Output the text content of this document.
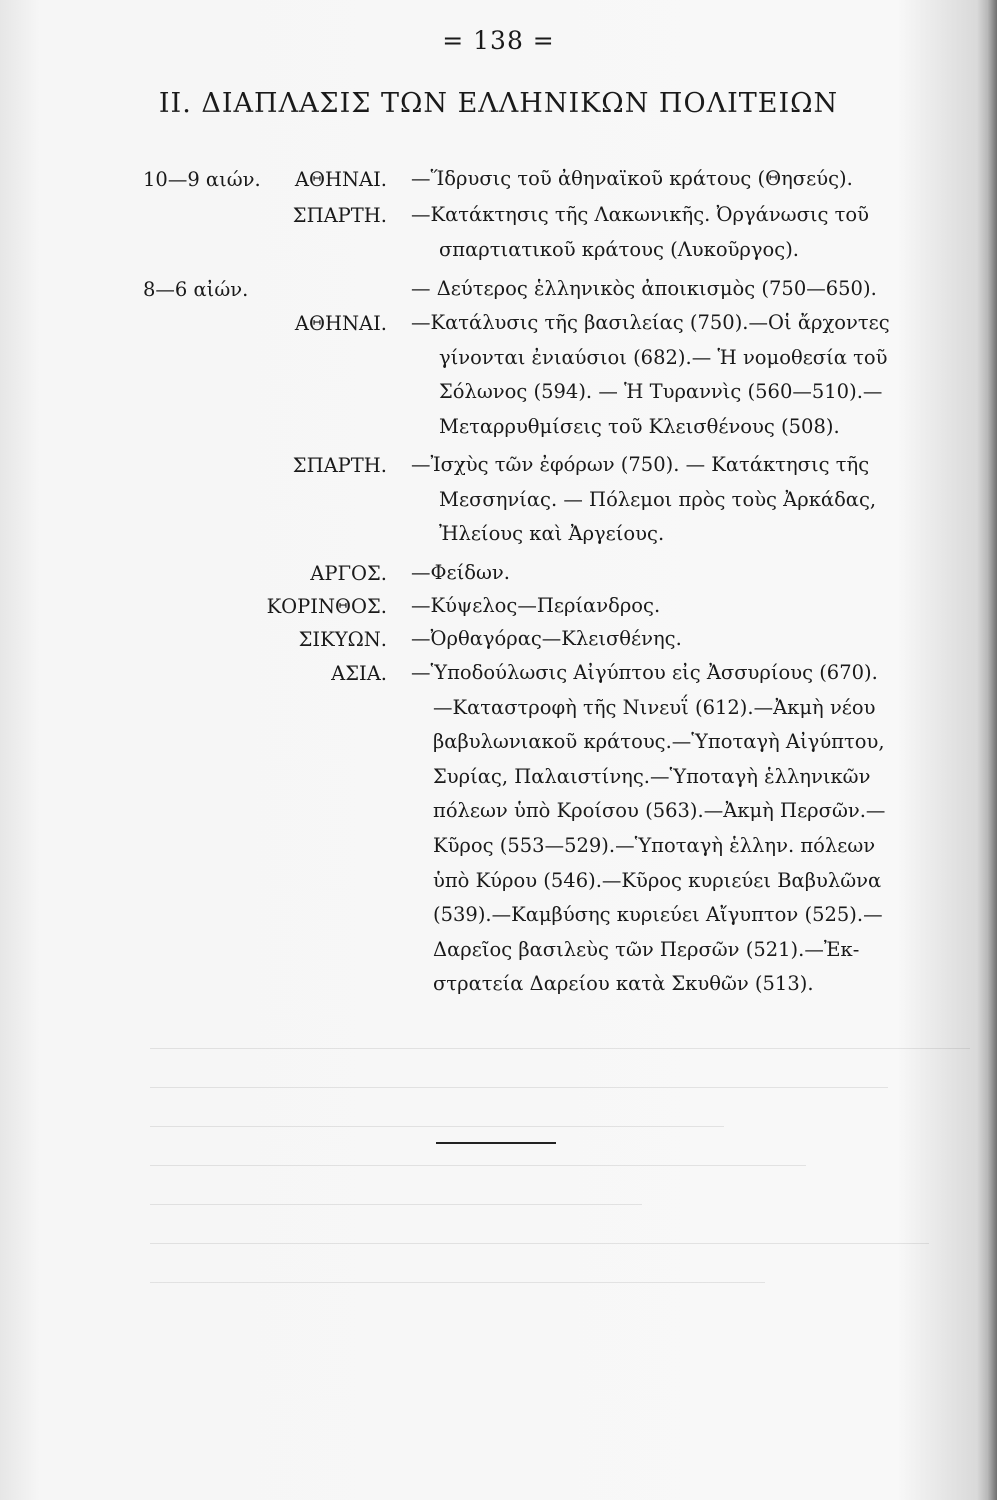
= 138 =
II. ΔΙΑΠΛΑΣΙΣ ΤΩΝ ΕΛΛΗΝΙΚΩΝ ΠΟΛΙΤΕΙΩΝ
10—9 αιών. ΑΘΗΝΑΙ. —Ἵδρυσις τοῦ ἀθηναϊκοῦ κράτους (Θησεύς).
ΣΠΑΡΤΗ. —Κατάκτησις τῆς Λακωνικῆς. Ὀργάνωσις τοῦ
σπαρτιατικοῦ κράτους (Λυκοῦργος).
8—6 αἰών.	— Δεύτερος ἑλληνικὸς ἀποικισμὸς (750—650).
ΑΘΗΝΑΙ. —Κατάλυσις τῆς βασιλείας (750).—Οἱ ἄρχοντες
γίνονται ἐνιαύσιοι (682).— Ἡ νομοθεσία τοῦ
Σόλωνος (594). — Ἡ Τυραννὶς (560—510).—
Μεταρρυθμίσεις τοῦ Κλεισθένους (508).
ΣΠΑΡΤΗ. —Ἰσχὺς τῶν ἐφόρων (750). — Κατάκτησις τῆς
Μεσσηνίας. — Πόλεμοι πρὸς τοὺς Ἀρκάδας,
Ἠλείους καὶ Ἀργείους.
ΑΡΓΟΣ. —Φείδων.
ΚΟΡΙΝΘΟΣ. —Κύψελος—Περίανδρος.
ΣΙΚΥΩΝ. —Ὀρθαγόρας—Κλεισθένης.
ΑΣΙΑ. —Ὑποδούλωσις Αἰγύπτου εἰς Ἀσσυρίους (670).
—Καταστροφὴ τῆς Νινευΐ (612).—Ἀκμὴ νέου
βαβυλωνιακοῦ κράτους.—Ὑποταγὴ Αἰγύπτου,
Συρίας, Παλαιστίνης.—Ὑποταγὴ ἑλληνικῶν
πόλεων ὑπὸ Κροίσου (563).—Ἀκμὴ Περσῶν.—
Κῦρος (553—529).—Ὑποταγὴ ἑλλην. πόλεων
ὑπὸ Κύρου (546).—Κῦρος κυριεύει Βαβυλῶνα
(539).—Καμβύσης κυριεύει Αἴγυπτον (525).—
Δαρεῖος βασιλεὺς τῶν Περσῶν (521).—Ἐκ-
στρατεία Δαρείου κατὰ Σκυθῶν (513).
